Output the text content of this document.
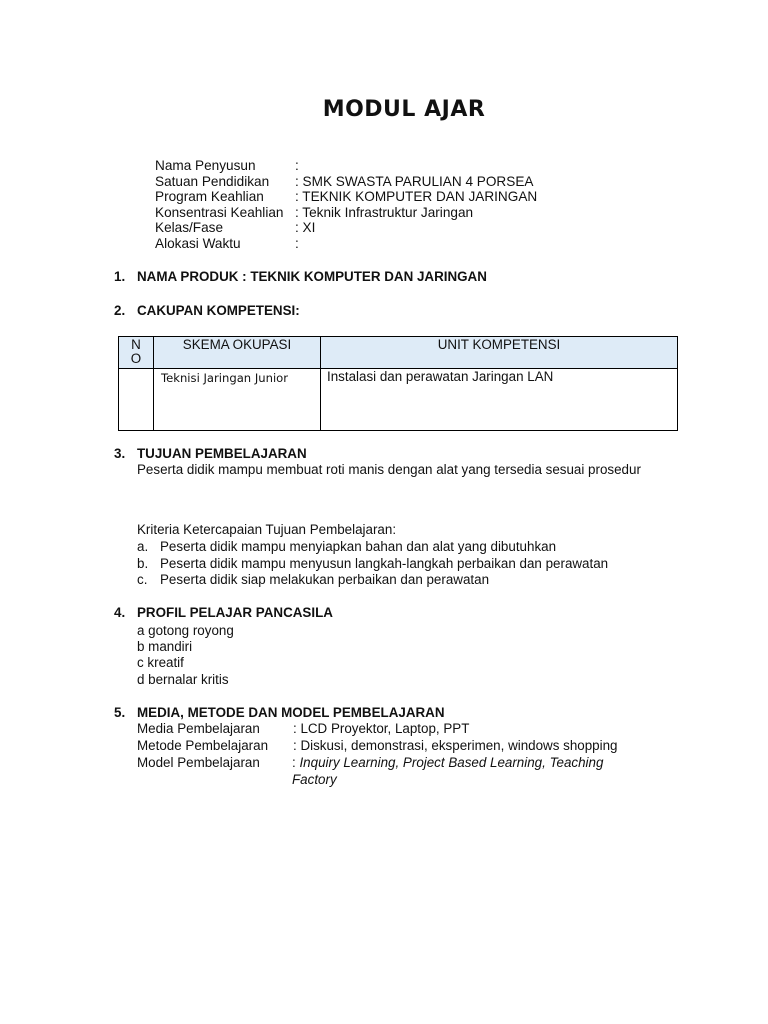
MODUL AJAR
Nama Penyusun	:
Satuan Pendidikan : SMK SWASTA PARULIAN 4 PORSEA
Program Keahlian : TEKNIK KOMPUTER DAN JARINGAN
Konsentrasi Keahlian : Teknik Infrastruktur Jaringan
Kelas/Fase	: XI
Alokasi Waktu	:
1. NAMA PRODUK : TEKNIK KOMPUTER DAN JARINGAN
2. CAKUPAN KOMPETENSI:
N O	SKEMA OKUPASI	UNIT KOMPETENSI
	Teknisi Jaringan Junior	Instalasi dan perawatan Jaringan LAN
3. TUJUAN PEMBELAJARAN
Peserta didik mampu membuat roti manis dengan alat yang tersedia sesuai prosedur
Kriteria Ketercapaian Tujuan Pembelajaran:
a. Peserta didik mampu menyiapkan bahan dan alat yang dibutuhkan
b. Peserta didik mampu menyusun langkah-langkah perbaikan dan perawatan
c. Peserta didik siap melakukan perbaikan dan perawatan
4. PROFIL PELAJAR PANCASILA
a gotong royong
b mandiri
c kreatif
d bernalar kritis
5. MEDIA, METODE DAN MODEL PEMBELAJARAN
Media Pembelajaran : LCD Proyektor, Laptop, PPT
Metode Pembelajaran : Diskusi, demonstrasi, eksperimen, windows shopping
Model Pembelajaran : Inquiry Learning, Project Based Learning, Teaching
Factory
